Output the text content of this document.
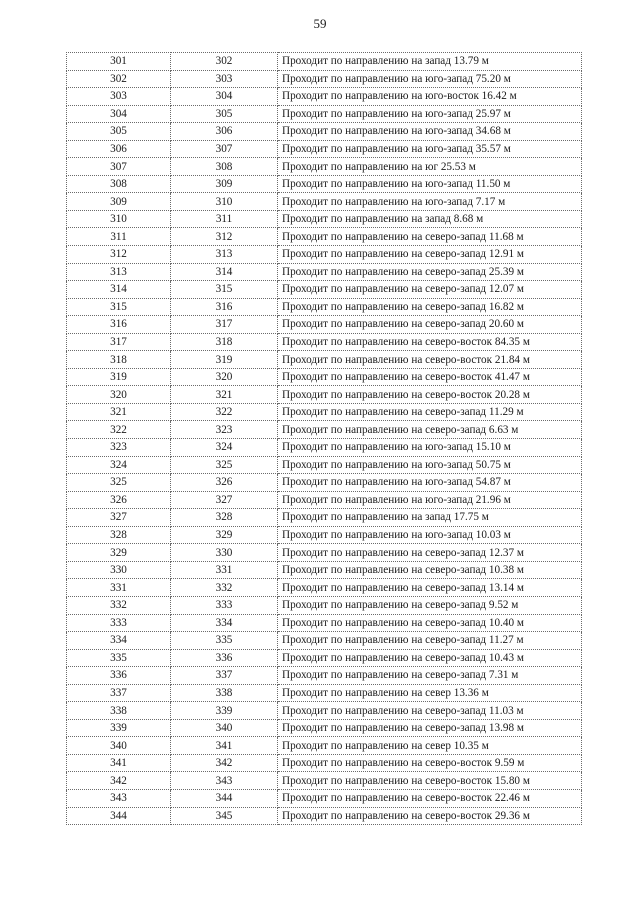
59
301	302	Проходит по направлению на запад 13.79 м
302	303	Проходит по направлению на юго-запад 75.20 м
303	304	Проходит по направлению на юго-восток 16.42 м
304	305	Проходит по направлению на юго-запад 25.97 м
305	306	Проходит по направлению на юго-запад 34.68 м
306	307	Проходит по направлению на юго-запад 35.57 м
307	308	Проходит по направлению на юг 25.53 м
308	309	Проходит по направлению на юго-запад 11.50 м
309	310	Проходит по направлению на юго-запад 7.17 м
310	311	Проходит по направлению на запад 8.68 м
311	312	Проходит по направлению на северо-запад 11.68 м
312	313	Проходит по направлению на северо-запад 12.91 м
313	314	Проходит по направлению на северо-запад 25.39 м
314	315	Проходит по направлению на северо-запад 12.07 м
315	316	Проходит по направлению на северо-запад 16.82 м
316	317	Проходит по направлению на северо-запад 20.60 м
317	318	Проходит по направлению на северо-восток 84.35 м
318	319	Проходит по направлению на северо-восток 21.84 м
319	320	Проходит по направлению на северо-восток 41.47 м
320	321	Проходит по направлению на северо-восток 20.28 м
321	322	Проходит по направлению на северо-запад 11.29 м
322	323	Проходит по направлению на северо-запад 6.63 м
323	324	Проходит по направлению на юго-запад 15.10 м
324	325	Проходит по направлению на юго-запад 50.75 м
325	326	Проходит по направлению на юго-запад 54.87 м
326	327	Проходит по направлению на юго-запад 21.96 м
327	328	Проходит по направлению на запад 17.75 м
328	329	Проходит по направлению на юго-запад 10.03 м
329	330	Проходит по направлению на северо-запад 12.37 м
330	331	Проходит по направлению на северо-запад 10.38 м
331	332	Проходит по направлению на северо-запад 13.14 м
332	333	Проходит по направлению на северо-запад 9.52 м
333	334	Проходит по направлению на северо-запад 10.40 м
334	335	Проходит по направлению на северо-запад 11.27 м
335	336	Проходит по направлению на северо-запад 10.43 м
336	337	Проходит по направлению на северо-запад 7.31 м
337	338	Проходит по направлению на север 13.36 м
338	339	Проходит по направлению на северо-запад 11.03 м
339	340	Проходит по направлению на северо-запад 13.98 м
340	341	Проходит по направлению на север 10.35 м
341	342	Проходит по направлению на северо-восток 9.59 м
342	343	Проходит по направлению на северо-восток 15.80 м
343	344	Проходит по направлению на северо-восток 22.46 м
344	345	Проходит по направлению на северо-восток 29.36 м
